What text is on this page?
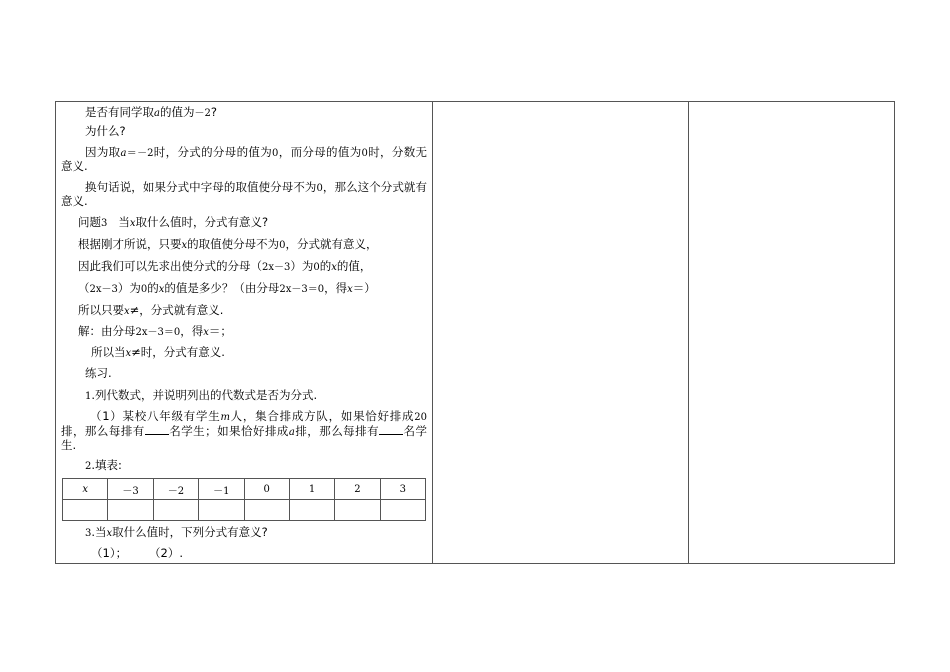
是否有同学取a的值为－2?
为什么?
因为取a＝－2时，分式的分母的值为0，而分母的值为0时，分数无意义.
换句话说，如果分式中字母的取值使分母不为0，那么这个分式就有意义.
问题3 当x取什么值时，分式有意义?
根据刚才所说，只要x的取值使分母不为0，分式就有意义，
因此我们可以先求出使分式的分母（2x－3）为0的x的值，
（2x－3）为0的x的值是多少？（由分母2x－3＝0，得x＝）
所以只要x≠，分式就有意义.
解：由分母2x－3＝0，得x＝；
所以当x≠时，分式有意义.
练习.
1.列代数式，并说明列出的代数式是否为分式.
（1）某校八年级有学生m人，集合排成方队，如果恰好排成20排，那么每排有 名学生；如果恰好排成a排，那么每排有 名学生.
2.填表:
x	－3	－2	－1	0	1	2	3

3.当x取什么值时，下列分式有意义?
（1）； （2）.
